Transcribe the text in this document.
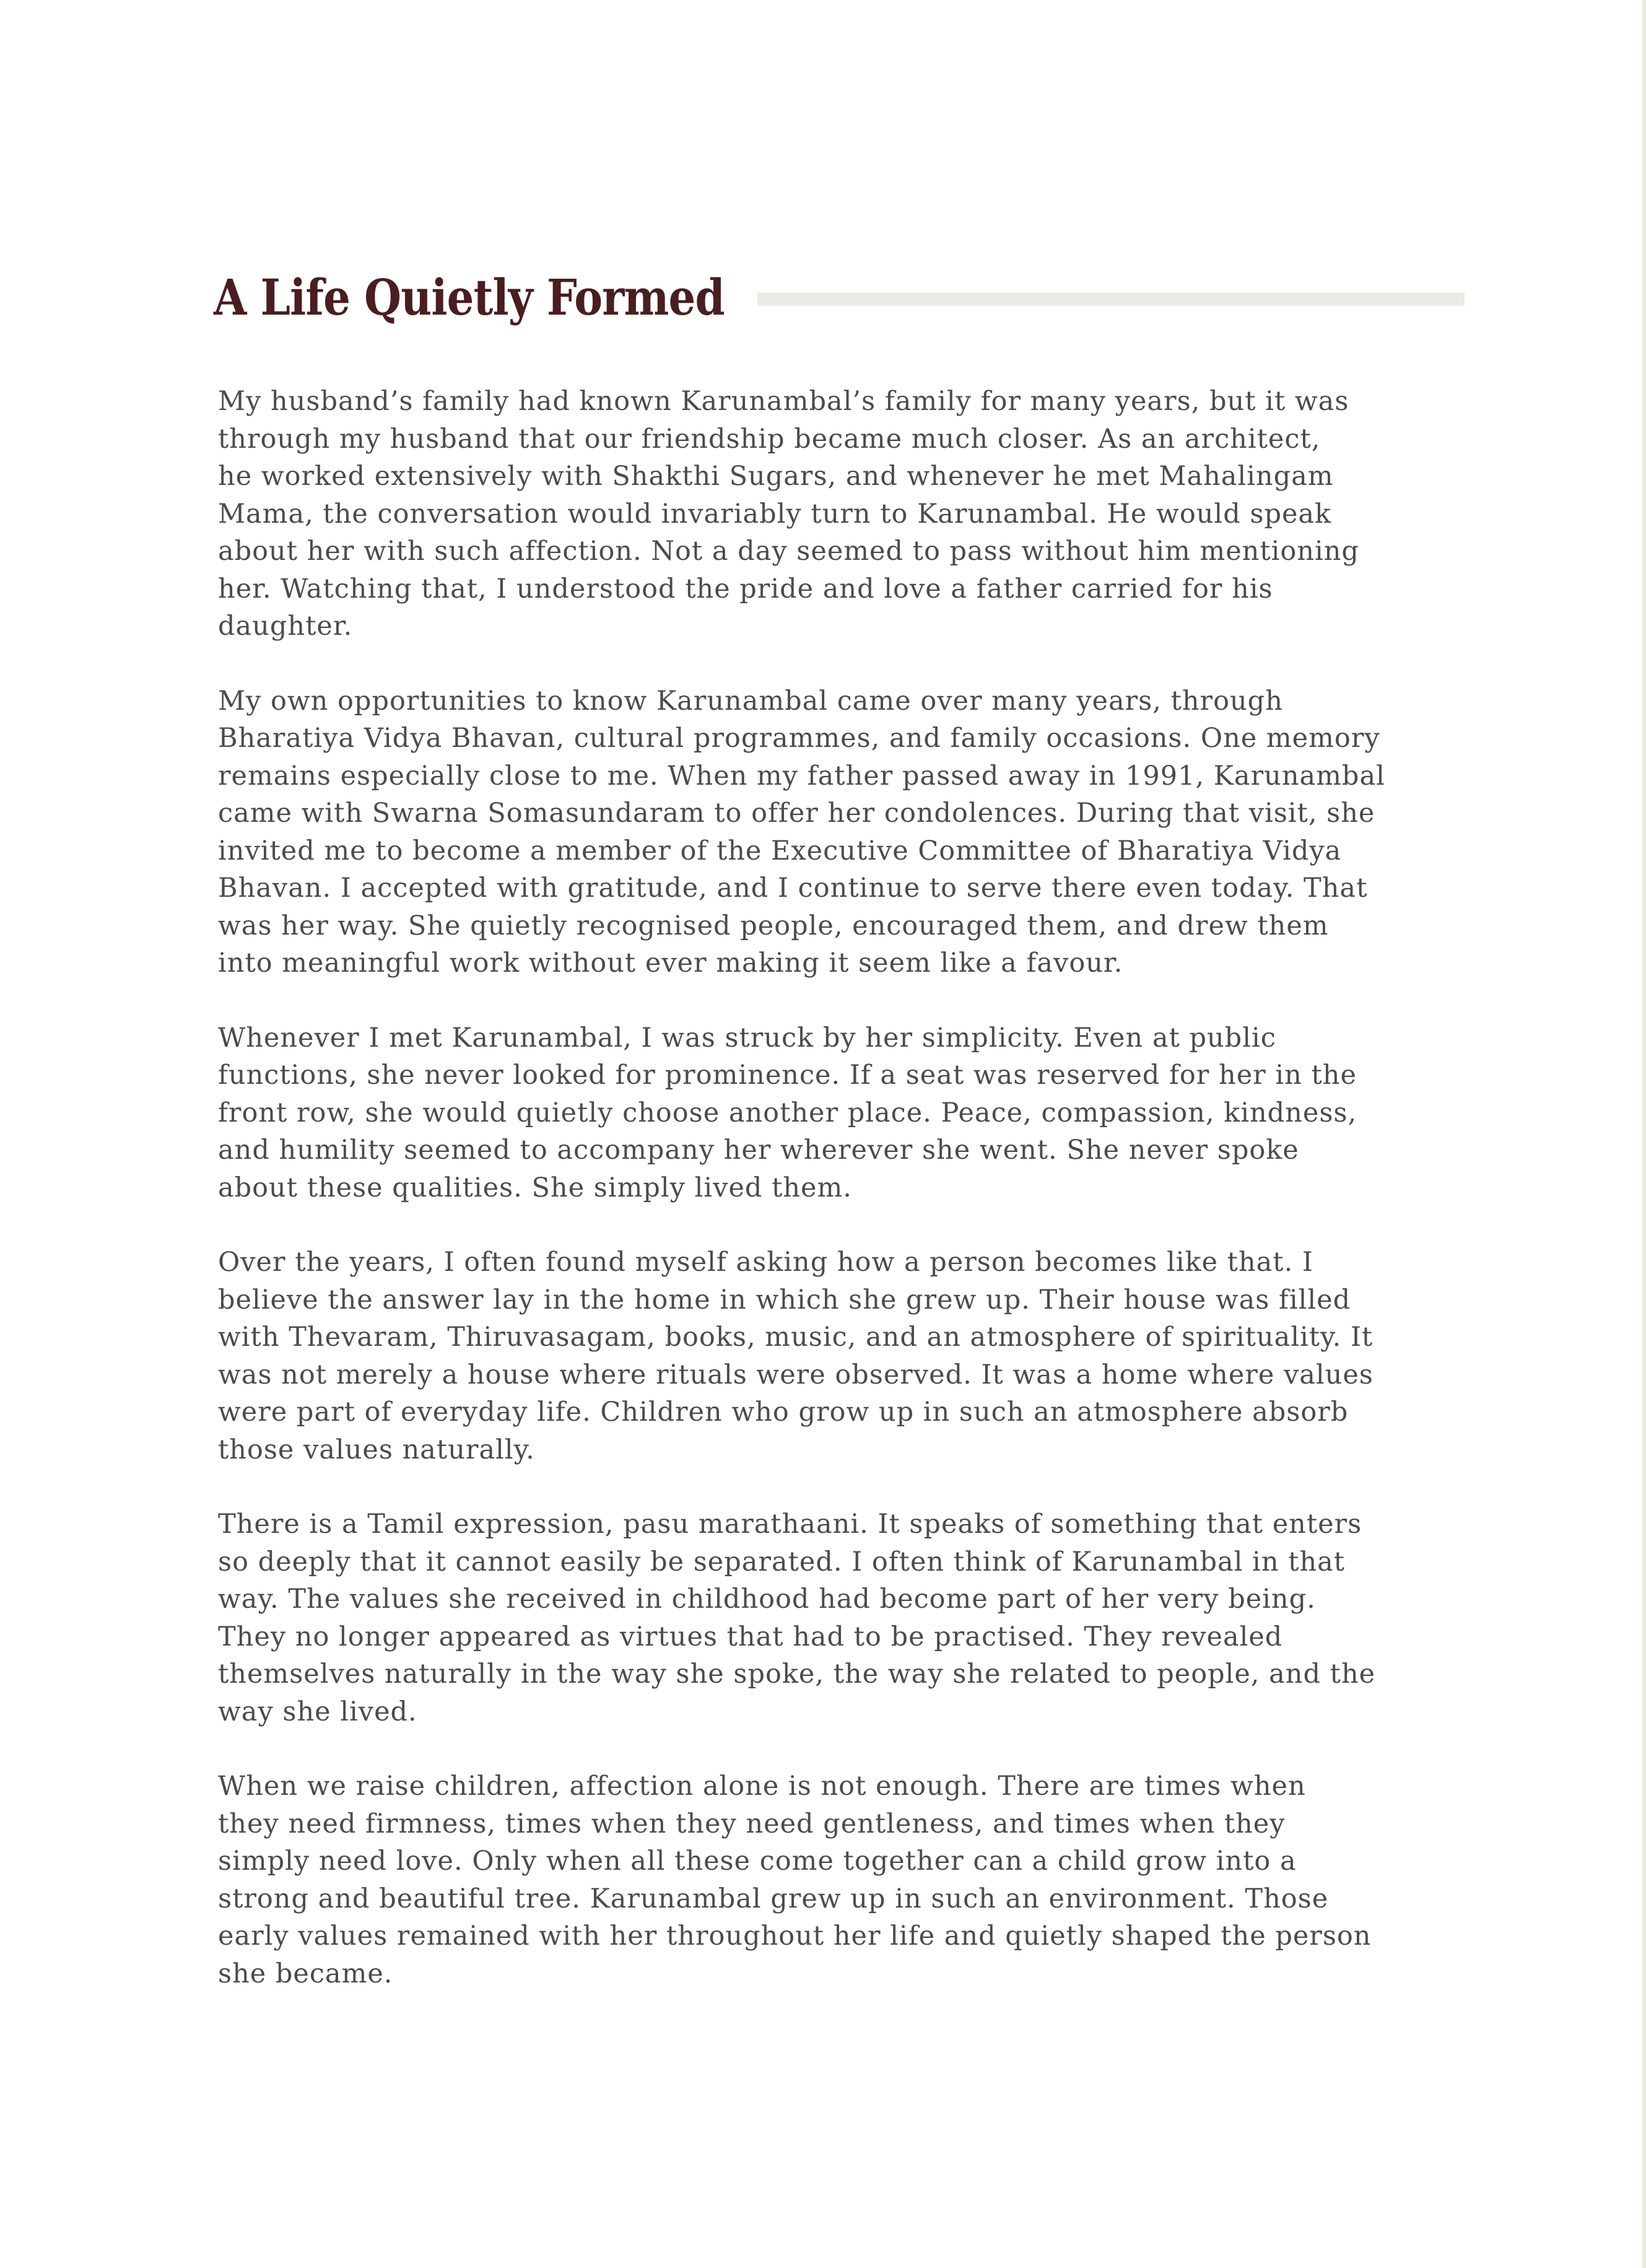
A Life Quietly Formed

My husband’s family had known Karunambal’s family for many years, but it was
through my husband that our friendship became much closer. As an architect,
he worked extensively with Shakthi Sugars, and whenever he met Mahalingam
Mama, the conversation would invariably turn to Karunambal. He would speak
about her with such affection. Not a day seemed to pass without him mentioning
her. Watching that, I understood the pride and love a father carried for his
daughter.

My own opportunities to know Karunambal came over many years, through
Bharatiya Vidya Bhavan, cultural programmes, and family occasions. One memory
remains especially close to me. When my father passed away in 1991, Karunambal
came with Swarna Somasundaram to offer her condolences. During that visit, she
invited me to become a member of the Executive Committee of Bharatiya Vidya
Bhavan. I accepted with gratitude, and I continue to serve there even today. That
was her way. She quietly recognised people, encouraged them, and drew them
into meaningful work without ever making it seem like a favour.

Whenever I met Karunambal, I was struck by her simplicity. Even at public
functions, she never looked for prominence. If a seat was reserved for her in the
front row, she would quietly choose another place. Peace, compassion, kindness,
and humility seemed to accompany her wherever she went. She never spoke
about these qualities. She simply lived them.

Over the years, I often found myself asking how a person becomes like that. I
believe the answer lay in the home in which she grew up. Their house was filled
with Thevaram, Thiruvasagam, books, music, and an atmosphere of spirituality. It
was not merely a house where rituals were observed. It was a home where values
were part of everyday life. Children who grow up in such an atmosphere absorb
those values naturally.

There is a Tamil expression, pasu marathaani. It speaks of something that enters
so deeply that it cannot easily be separated. I often think of Karunambal in that
way. The values she received in childhood had become part of her very being.
They no longer appeared as virtues that had to be practised. They revealed
themselves naturally in the way she spoke, the way she related to people, and the
way she lived.

When we raise children, affection alone is not enough. There are times when
they need firmness, times when they need gentleness, and times when they
simply need love. Only when all these come together can a child grow into a
strong and beautiful tree. Karunambal grew up in such an environment. Those
early values remained with her throughout her life and quietly shaped the person
she became.
